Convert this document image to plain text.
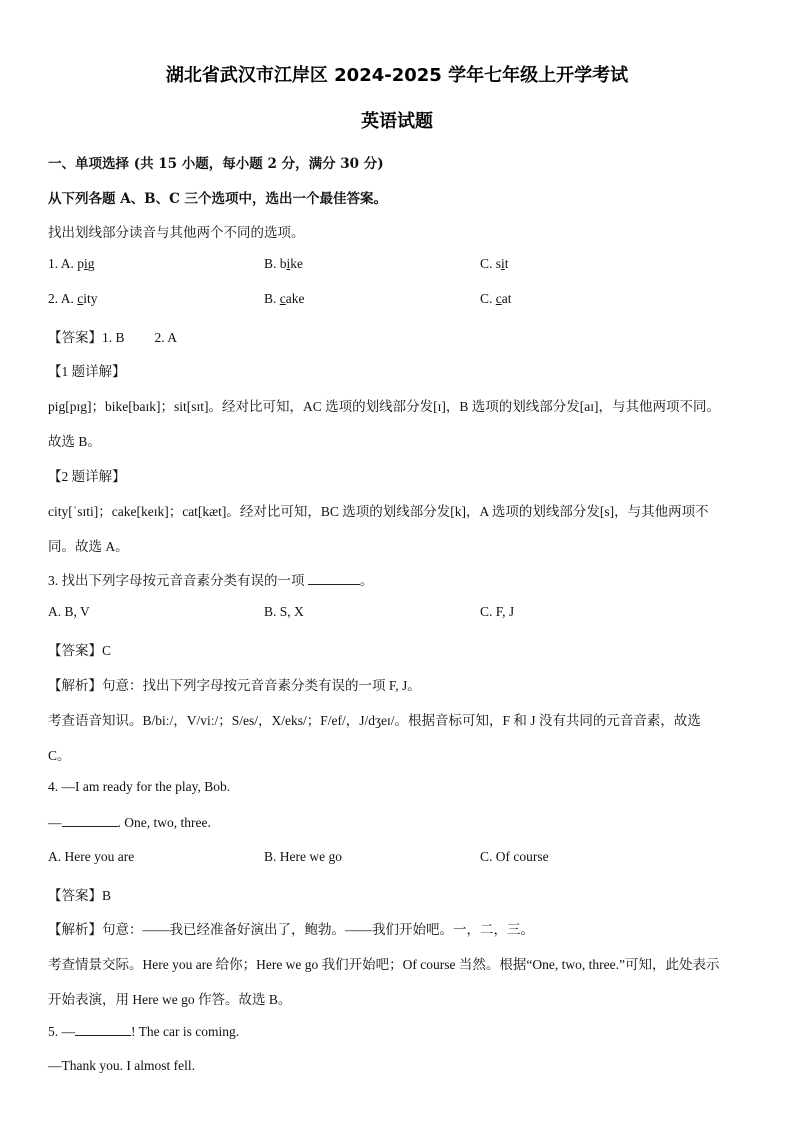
湖北省武汉市江岸区 2024-2025 学年七年级上开学考试
英语试题
一、单项选择 (共 15 小题，每小题 2 分，满分 30 分)
从下列各题 A、B、C 三个选项中，选出一个最佳答案。
找出划线部分读音与其他两个不同的选项。
1. A. pig	B. bike	C. sit
2. A. city	B. cake	C. cat
【答案】1. B 2. A
【1 题详解】
pig[pɪg]；bike[baɪk]；sit[sɪt]。经对比可知，AC 选项的划线部分发[ɪ]，B 选项的划线部分发[aɪ]，与其他两项不同。
故选 B。
【2 题详解】
city[ˈsɪti]；cake[keɪk]；cat[kæt]。经对比可知，BC 选项的划线部分发[k]，A 选项的划线部分发[s]，与其他两项不
同。故选 A。
3. 找出下列字母按元音音素分类有误的一项	。
A. B, V	B. S, X	C. F, J
【答案】C
【解析】句意：找出下列字母按元音音素分类有误的一项 F, J。
考查语音知识。B/biː/，V/viː/；S/es/，X/eks/；F/ef/，J/dʒeɪ/。根据音标可知，F 和 J 没有共同的元音音素，故选
C。
4. —I am ready for the play, Bob.
—	. One, two, three.
A. Here you are	B. Here we go	C. Of course
【答案】B
【解析】句意：——我已经准备好演出了，鲍勃。——我们开始吧。一，二，三。
考查情景交际。Here you are 给你；Here we go 我们开始吧；Of course 当然。根据“One, two, three.”可知，此处表示
开始表演，用 Here we go 作答。故选 B。
5. —	! The car is coming.
—Thank you. I almost fell.
